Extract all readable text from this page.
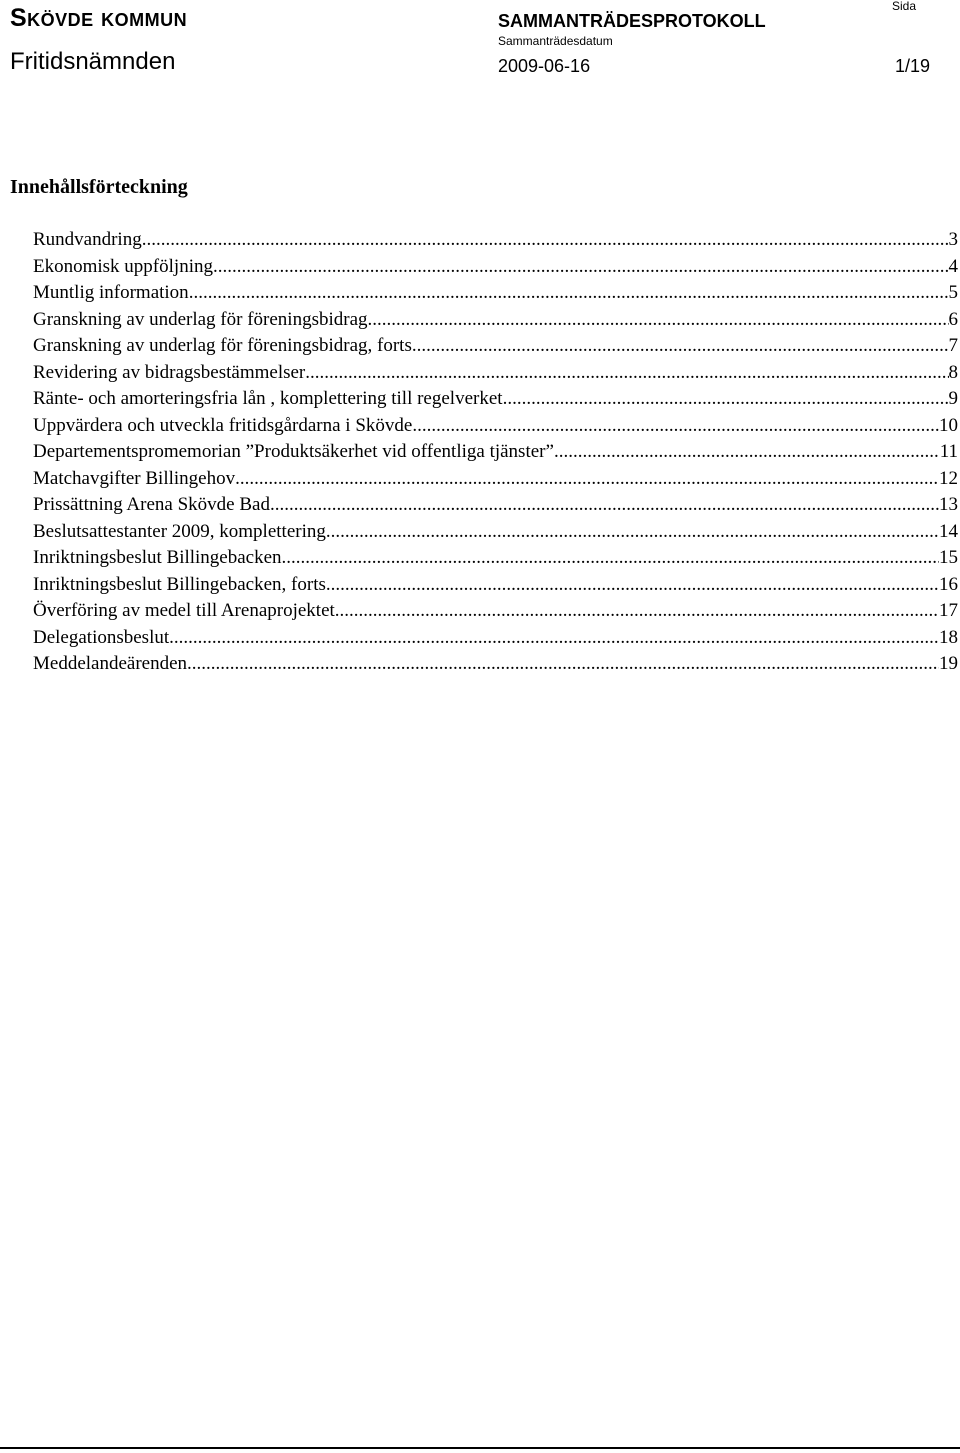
Skövde kommun	SAMMANTRÄDESPROTOKOLL
Sida
Sammanträdesdatum
Fritidsnämnden	2009-06-16	1/19
Innehållsförteckning
Rundvandring .....	3
Ekonomisk uppföljning .....	4
Muntlig information .....	5
Granskning av underlag för föreningsbidrag .....	6
Granskning av underlag för föreningsbidrag, forts. .....	7
Revidering av bidragsbestämmelser .....	8
Ränte- och amorteringsfria lån , komplettering till regelverket .....	9
Uppvärdera och utveckla fritidsgårdarna i Skövde .....	10
Departementspromemorian ”Produktsäkerhet vid offentliga tjänster” .....	11
Matchavgifter Billingehov .....	12
Prissättning Arena Skövde Bad .....	13
Beslutsattestanter 2009, komplettering .....	14
Inriktningsbeslut Billingebacken .....	15
Inriktningsbeslut Billingebacken, forts. .....	16
Överföring av medel till Arenaprojektet .....	17
Delegationsbeslut .....	18
Meddelandeärenden .....	19
